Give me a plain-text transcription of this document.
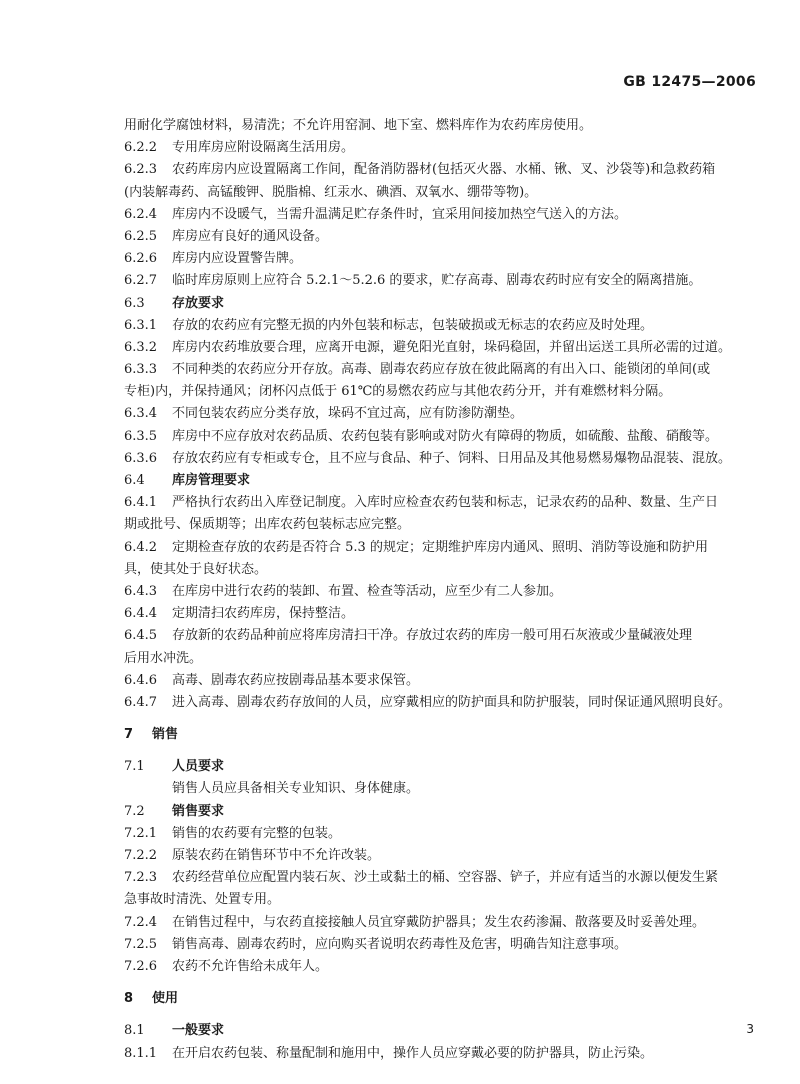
GB 12475—2006
用耐化学腐蚀材料，易清洗；不允许用窑洞、地下室、燃料库作为农药库房使用。
6.2.2	专用库房应附设隔离生活用房。
6.2.3	农药库房内应设置隔离工作间，配备消防器材(包括灭火器、水桶、锹、叉、沙袋等)和急救药箱
(内装解毒药、高锰酸钾、脱脂棉、红汞水、碘酒、双氧水、绷带等物)。
6.2.4	库房内不设暖气，当需升温满足贮存条件时，宜采用间接加热空气送入的方法。
6.2.5	库房应有良好的通风设备。
6.2.6	库房内应设置警告牌。
6.2.7	临时库房原则上应符合 5.2.1～5.2.6 的要求，贮存高毒、剧毒农药时应有安全的隔离措施。
6.3	存放要求
6.3.1	存放的农药应有完整无损的内外包装和标志，包装破损或无标志的农药应及时处理。
6.3.2	库房内农药堆放要合理，应离开电源，避免阳光直射，垛码稳固，并留出运送工具所必需的过道。
6.3.3	不同种类的农药应分开存放。高毒、剧毒农药应存放在彼此隔离的有出入口、能锁闭的单间(或
专柜)内，并保持通风；闭杯闪点低于 61℃的易燃农药应与其他农药分开，并有难燃材料分隔。
6.3.4	不同包装农药应分类存放，垛码不宜过高，应有防渗防潮垫。
6.3.5	库房中不应存放对农药品质、农药包装有影响或对防火有障碍的物质，如硫酸、盐酸、硝酸等。
6.3.6	存放农药应有专柜或专仓，且不应与食品、种子、饲料、日用品及其他易燃易爆物品混装、混放。
6.4	库房管理要求
6.4.1	严格执行农药出入库登记制度。入库时应检查农药包装和标志，记录农药的品种、数量、生产日
期或批号、保质期等；出库农药包装标志应完整。
6.4.2	定期检查存放的农药是否符合 5.3 的规定；定期维护库房内通风、照明、消防等设施和防护用
具，使其处于良好状态。
6.4.3	在库房中进行农药的装卸、布置、检查等活动，应至少有二人参加。
6.4.4	定期清扫农药库房，保持整洁。
6.4.5	存放新的农药品种前应将库房清扫干净。存放过农药的库房一般可用石灰液或少量碱液处理
后用水冲洗。
6.4.6	高毒、剧毒农药应按剧毒品基本要求保管。
6.4.7	进入高毒、剧毒农药存放间的人员，应穿戴相应的防护面具和防护服装，同时保证通风照明良好。
7	销售
7.1	人员要求
销售人员应具备相关专业知识、身体健康。
7.2	销售要求
7.2.1	销售的农药要有完整的包装。
7.2.2	原装农药在销售环节中不允许改装。
7.2.3	农药经营单位应配置内装石灰、沙土或黏土的桶、空容器、铲子，并应有适当的水源以便发生紧
急事故时清洗、处置专用。
7.2.4	在销售过程中，与农药直接接触人员宜穿戴防护器具；发生农药渗漏、散落要及时妥善处理。
7.2.5	销售高毒、剧毒农药时，应向购买者说明农药毒性及危害，明确告知注意事项。
7.2.6	农药不允许售给未成年人。
8	使用
8.1	一般要求
8.1.1	在开启农药包装、称量配制和施用中，操作人员应穿戴必要的防护器具，防止污染。
3
